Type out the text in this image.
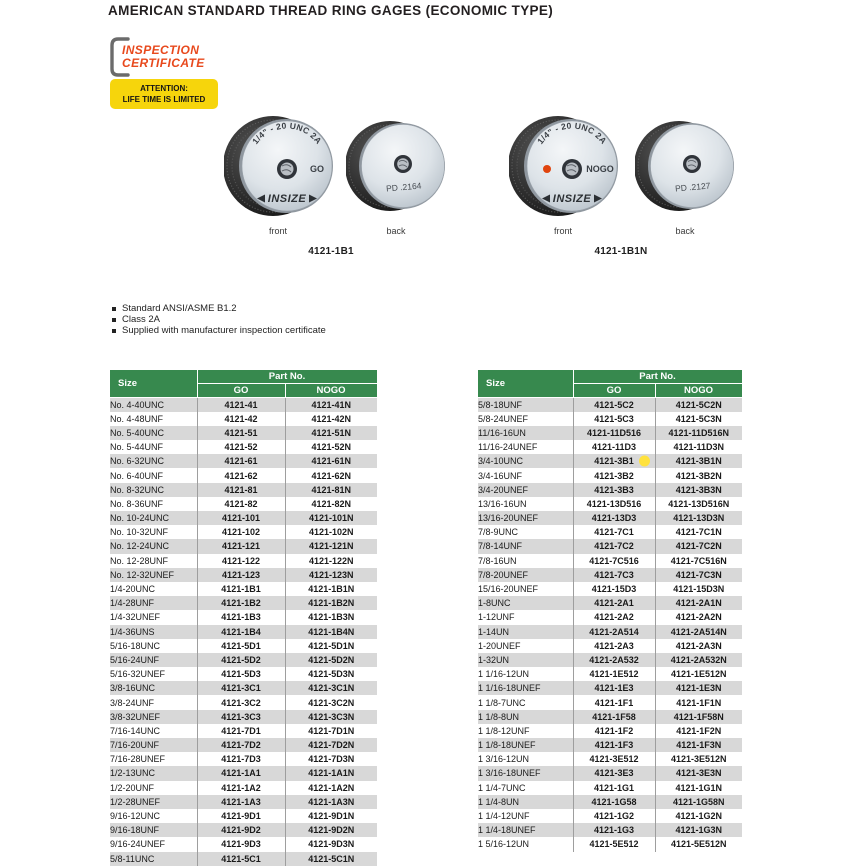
AMERICAN STANDARD THREAD RING GAGES (ECONOMIC TYPE)
INSPECTION
CERTIFICATE
ATTENTION:
LIFE TIME IS LIMITED
1/4" - 20 UNC 2A
GO
INSIZE
PD .2164
front	back
4121-1B1
1/4" - 20 UNC 2A
NOGO
INSIZE
PD .2127
front	back
4121-1B1N
Standard ANSI/ASME B1.2
Class 2A
Supplied with manufacturer inspection certificate
Size	Part No.	
	GO	NOGO
No. 4-40UNC	4121-41	4121-41N
No. 4-48UNF	4121-42	4121-42N
No. 5-40UNC	4121-51	4121-51N
No. 5-44UNF	4121-52	4121-52N
No. 6-32UNC	4121-61	4121-61N
No. 6-40UNF	4121-62	4121-62N
No. 8-32UNC	4121-81	4121-81N
No. 8-36UNF	4121-82	4121-82N
No. 10-24UNC	4121-101	4121-101N
No. 10-32UNF	4121-102	4121-102N
No. 12-24UNC	4121-121	4121-121N
No. 12-28UNF	4121-122	4121-122N
No. 12-32UNEF	4121-123	4121-123N
1/4-20UNC	4121-1B1	4121-1B1N
1/4-28UNF	4121-1B2	4121-1B2N
1/4-32UNEF	4121-1B3	4121-1B3N
1/4-36UNS	4121-1B4	4121-1B4N
5/16-18UNC	4121-5D1	4121-5D1N
5/16-24UNF	4121-5D2	4121-5D2N
5/16-32UNEF	4121-5D3	4121-5D3N
3/8-16UNC	4121-3C1	4121-3C1N
3/8-24UNF	4121-3C2	4121-3C2N
3/8-32UNEF	4121-3C3	4121-3C3N
7/16-14UNC	4121-7D1	4121-7D1N
7/16-20UNF	4121-7D2	4121-7D2N
7/16-28UNEF	4121-7D3	4121-7D3N
1/2-13UNC	4121-1A1	4121-1A1N
1/2-20UNF	4121-1A2	4121-1A2N
1/2-28UNEF	4121-1A3	4121-1A3N
9/16-12UNC	4121-9D1	4121-9D1N
9/16-18UNF	4121-9D2	4121-9D2N
9/16-24UNEF	4121-9D3	4121-9D3N
5/8-11UNC	4121-5C1	4121-5C1N
Size	Part No.	
	GO	NOGO
5/8-18UNF	4121-5C2	4121-5C2N
5/8-24UNEF	4121-5C3	4121-5C3N
11/16-16UN	4121-11D516	4121-11D516N
11/16-24UNEF	4121-11D3	4121-11D3N
3/4-10UNC	4121-3B1	4121-3B1N
3/4-16UNF	4121-3B2	4121-3B2N
3/4-20UNEF	4121-3B3	4121-3B3N
13/16-16UN	4121-13D516	4121-13D516N
13/16-20UNEF	4121-13D3	4121-13D3N
7/8-9UNC	4121-7C1	4121-7C1N
7/8-14UNF	4121-7C2	4121-7C2N
7/8-16UN	4121-7C516	4121-7C516N
7/8-20UNEF	4121-7C3	4121-7C3N
15/16-20UNEF	4121-15D3	4121-15D3N
1-8UNC	4121-2A1	4121-2A1N
1-12UNF	4121-2A2	4121-2A2N
1-14UN	4121-2A514	4121-2A514N
1-20UNEF	4121-2A3	4121-2A3N
1-32UN	4121-2A532	4121-2A532N
1 1/16-12UN	4121-1E512	4121-1E512N
1 1/16-18UNEF	4121-1E3	4121-1E3N
1 1/8-7UNC	4121-1F1	4121-1F1N
1 1/8-8UN	4121-1F58	4121-1F58N
1 1/8-12UNF	4121-1F2	4121-1F2N
1 1/8-18UNEF	4121-1F3	4121-1F3N
1 3/16-12UN	4121-3E512	4121-3E512N
1 3/16-18UNEF	4121-3E3	4121-3E3N
1 1/4-7UNC	4121-1G1	4121-1G1N
1 1/4-8UN	4121-1G58	4121-1G58N
1 1/4-12UNF	4121-1G2	4121-1G2N
1 1/4-18UNEF	4121-1G3	4121-1G3N
1 5/16-12UN	4121-5E512	4121-5E512N
